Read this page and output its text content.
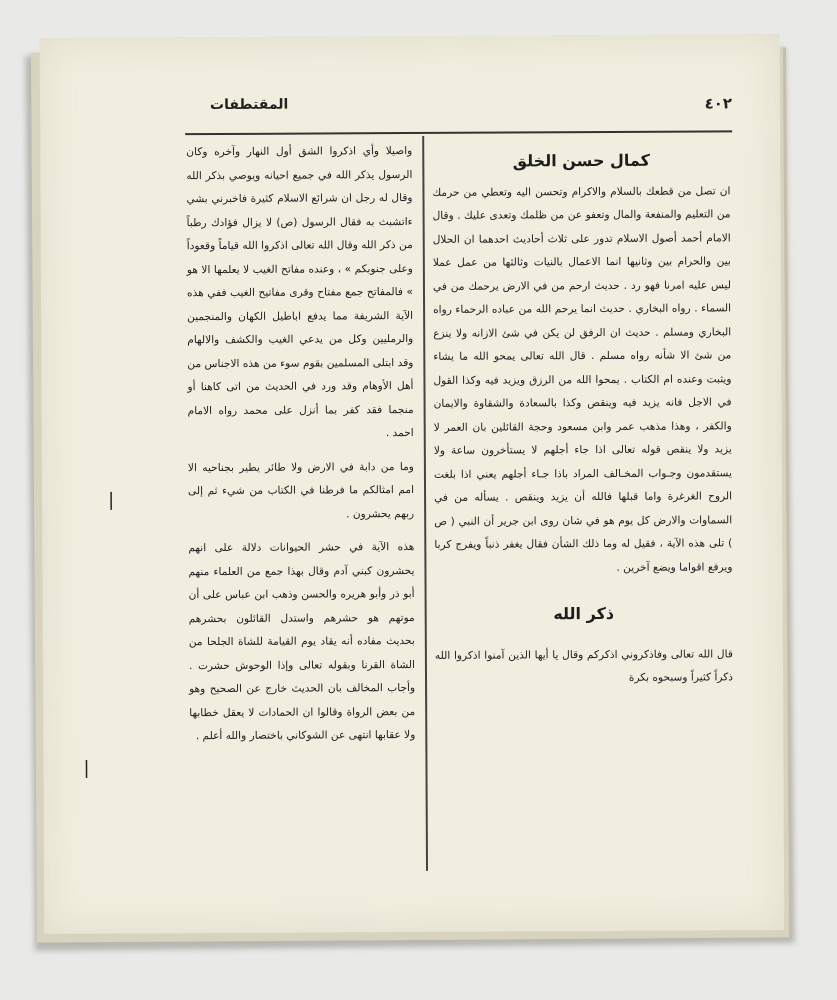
٤٠٢
المقتطفات
كمال حسن الخلق

ان تصل من قطعك بالسلام والاكرام وتحسن اليه وتعطي من حرمك من التعليم والمنفعة والمال وتعفو عن من ظلمك وتعدى عليك . وقال الامام أحمد أصول الاسلام تدور على ثلاث أحاديث احدهما ان الحلال بين والحرام بين وثانيها انما الاعمال بالنيات وثالثها من عمل عملا ليس عليه امرنا فهو رد . حديث ارحم من في الارض يرحمك من في السماء . رواه البخاري . حديث انما يرحم الله من عباده الرحماء رواه البخاري ومسلم . حديث ان الرفق لن يكن في شئ الازانه ولا ينزع من شئ الا شأنه رواه مسلم . قال الله تعالى يمحو الله ما يشاء ويثبت وعنده ام الكتاب . يمحوا الله من الرزق ويزيد فيه وكذا القول في الاجل فانه يزيد فيه وينقص وكذا بالسعادة والشقاوة والايمان والكفر ، وهذا مذهب عمر وابن مسعود وحجة القائلين بان العمر لا يزيد ولا ينقص قوله تعالى اذا جاء أجلهم لا يستأخرون ساعة ولا يستقدمون وجـواب المخـالف المراد باذا جـاء أجلهم يعني اذا بلغت الروح الغرغرة واما قبلها فالله أن يزيد وينقص . يسأله من في السماوات والارض كل يوم هو في شان روى ابن جرير أن النبي ( ص ) تلى هذه الآية ، فقيل له وما ذلك الشأن فقال يغفر ذنباً ويفرج كربا ويرفع اقواما ويضع آخرين .

ذكر الله

قال الله تعالى وفاذكروني اذكركم وقال يا أيها الذين آمنوا اذكروا الله ذكراً كثيراً وسبحوه بكرة

واصيلا وأي اذكروا الشق أول النهار وآخره وكان الرسول يذكر الله في جميع احيانه ويوصي بذكر الله وقال له رجل ان شرائع الاسلام كثيرة فاخبرني بشي ءاتشبث به فقال الرسول (ص) لا يزال فؤادك رطباً من ذكر الله وقال الله تعالى اذكروا الله قياماً وقعوداً وعلى جنوبكم » ، وعنده مفاتح الغيب لا يعلمها الا هو » فالمفاتح جمع مفتاح وقرى مفاتيح الغيب ففي هذه الآية الشريفة مما يدفع اباطيل الكهان والمنجمين والرمليين وكل من يدعي الغيب والكشف والالهام وقد ابتلى المسلمين بقوم سوء من هذه الاجناس من أهل الأوهام وقد ورد في الحديث من اتى كاهنا أو منجما فقد كفر بما أنزل على محمد رواه الامام احمد .

وما من دابة في الارض ولا طائر يطير بجناحيه الا امم امثالكم ما فرطنا في الكتاب من شيء ثم إلى ربهم يحشرون .

هذه الآية في حشر الحيوانات دلالة على انهم يحشرون كبني آدم وقال بهذا جمع من العلماء منهم أبو ذر وأبو هريره والحسن وذهب ابن عباس على أن موتهم هو حشرهم واستدل القائلون بحشرهم بحديث مفاده أنه يقاد يوم القيامة للشاة الجلحا من الشاة القرنا وبقوله تعالى وإذا الوحوش حشرت . وأجاب المخالف بان الحديث خارج عن الصحيح وهو من بعض الرواة وقالوا ان الحمادات لا يعقل خطابها ولا عقابها انتهى عن الشوكاني باختصار والله أعلم .

|
|
